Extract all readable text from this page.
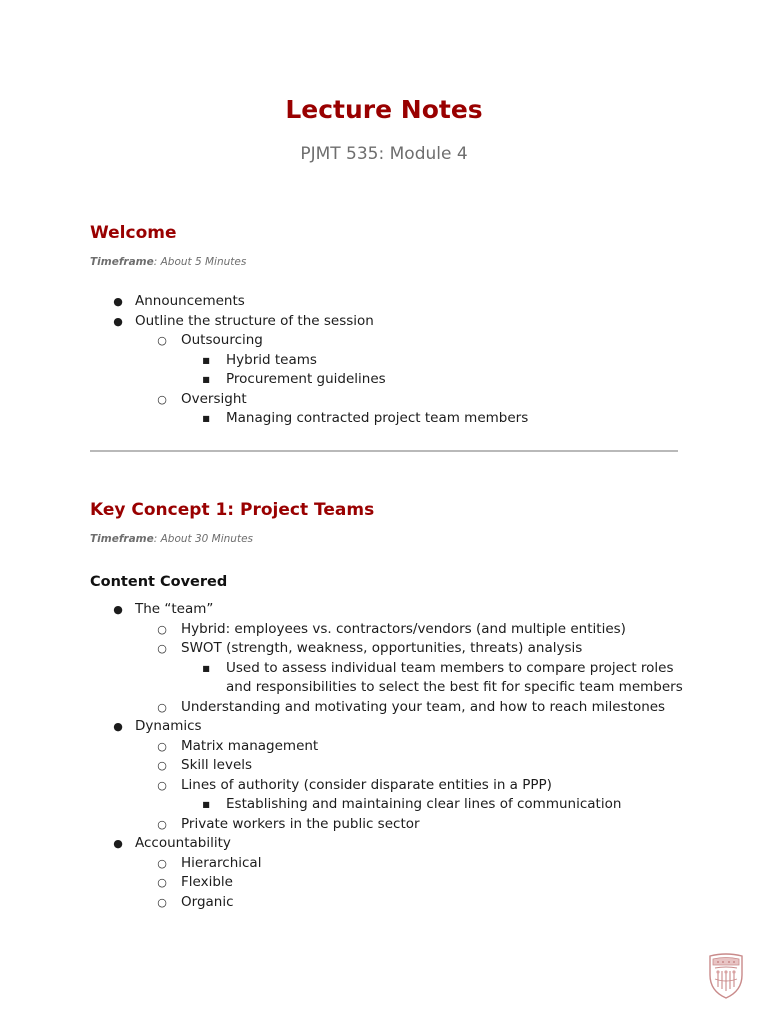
Lecture Notes
PJMT 535: Module 4
Welcome
Timeframe: About 5 Minutes
● Announcements
● Outline the structure of the session
○ Outsourcing
■ Hybrid teams
■ Procurement guidelines
○ Oversight
■ Managing contracted project team members
Key Concept 1: Project Teams
Timeframe: About 30 Minutes
Content Covered
● The “team”
○ Hybrid: employees vs. contractors/vendors (and multiple entities)
○ SWOT (strength, weakness, opportunities, threats) analysis
■ Used to assess individual team members to compare project roles
and responsibilities to select the best fit for specific team members
○ Understanding and motivating your team, and how to reach milestones
● Dynamics
○ Matrix management
○ Skill levels
○ Lines of authority (consider disparate entities in a PPP)
■ Establishing and maintaining clear lines of communication
○ Private workers in the public sector
● Accountability
○ Hierarchical
○ Flexible
○ Organic
